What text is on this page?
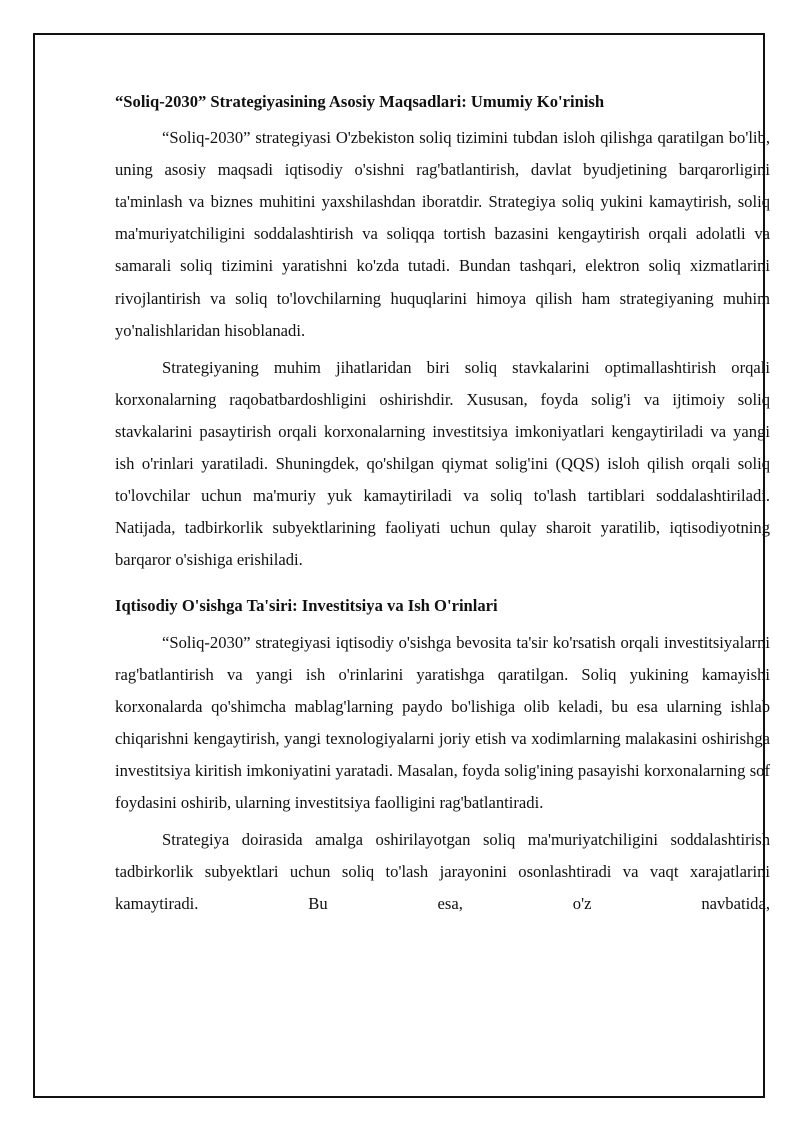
“Soliq-2030” Strategiyasining Asosiy Maqsadlari: Umumiy Ko'rinish

“Soliq-2030” strategiyasi O'zbekiston soliq tizimini tubdan isloh qilishga qaratilgan bo'lib, uning asosiy maqsadi iqtisodiy o'sishni rag'batlantirish, davlat byudjetining barqarorligini ta'minlash va biznes muhitini yaxshilashdan iboratdir. Strategiya soliq yukini kamaytirish, soliq ma'muriyatchiligini soddalashtirish va soliqqa tortish bazasini kengaytirish orqali adolatli va samarali soliq tizimini yaratishni ko'zda tutadi. Bundan tashqari, elektron soliq xizmatlarini rivojlantirish va soliq to'lovchilarning huquqlarini himoya qilish ham strategiyaning muhim yo'nalishlaridan hisoblanadi.

Strategiyaning muhim jihatlaridan biri soliq stavkalarini optimallashtirish orqali korxonalarning raqobatbardoshligini oshirishdir. Xususan, foyda solig'i va ijtimoiy soliq stavkalarini pasaytirish orqali korxonalarning investitsiya imkoniyatlari kengaytiriladi va yangi ish o'rinlari yaratiladi. Shuningdek, qo'shilgan qiymat solig'ini (QQS) isloh qilish orqali soliq to'lovchilar uchun ma'muriy yuk kamaytiriladi va soliq to'lash tartiblari soddalashtiriladi. Natijada, tadbirkorlik subyektlarining faoliyati uchun qulay sharoit yaratilib, iqtisodiyotning barqaror o'sishiga erishiladi.

Iqtisodiy O'sishga Ta'siri: Investitsiya va Ish O'rinlari

“Soliq-2030” strategiyasi iqtisodiy o'sishga bevosita ta'sir ko'rsatish orqali investitsiyalarni rag'batlantirish va yangi ish o'rinlarini yaratishga qaratilgan. Soliq yukining kamayishi korxonalarda qo'shimcha mablag'larning paydo bo'lishiga olib keladi, bu esa ularning ishlab chiqarishni kengaytirish, yangi texnologiyalarni joriy etish va xodimlarning malakasini oshirishga investitsiya kiritish imkoniyatini yaratadi. Masalan, foyda solig'ining pasayishi korxonalarning sof foydasini oshirib, ularning investitsiya faolligini rag'batlantiradi.

Strategiya doirasida amalga oshirilayotgan soliq ma'muriyatchiligini soddalashtirish tadbirkorlik subyektlari uchun soliq to'lash jarayonini osonlashtiradi va vaqt xarajatlarini kamaytiradi. Bu esa, o'z navbatida,
